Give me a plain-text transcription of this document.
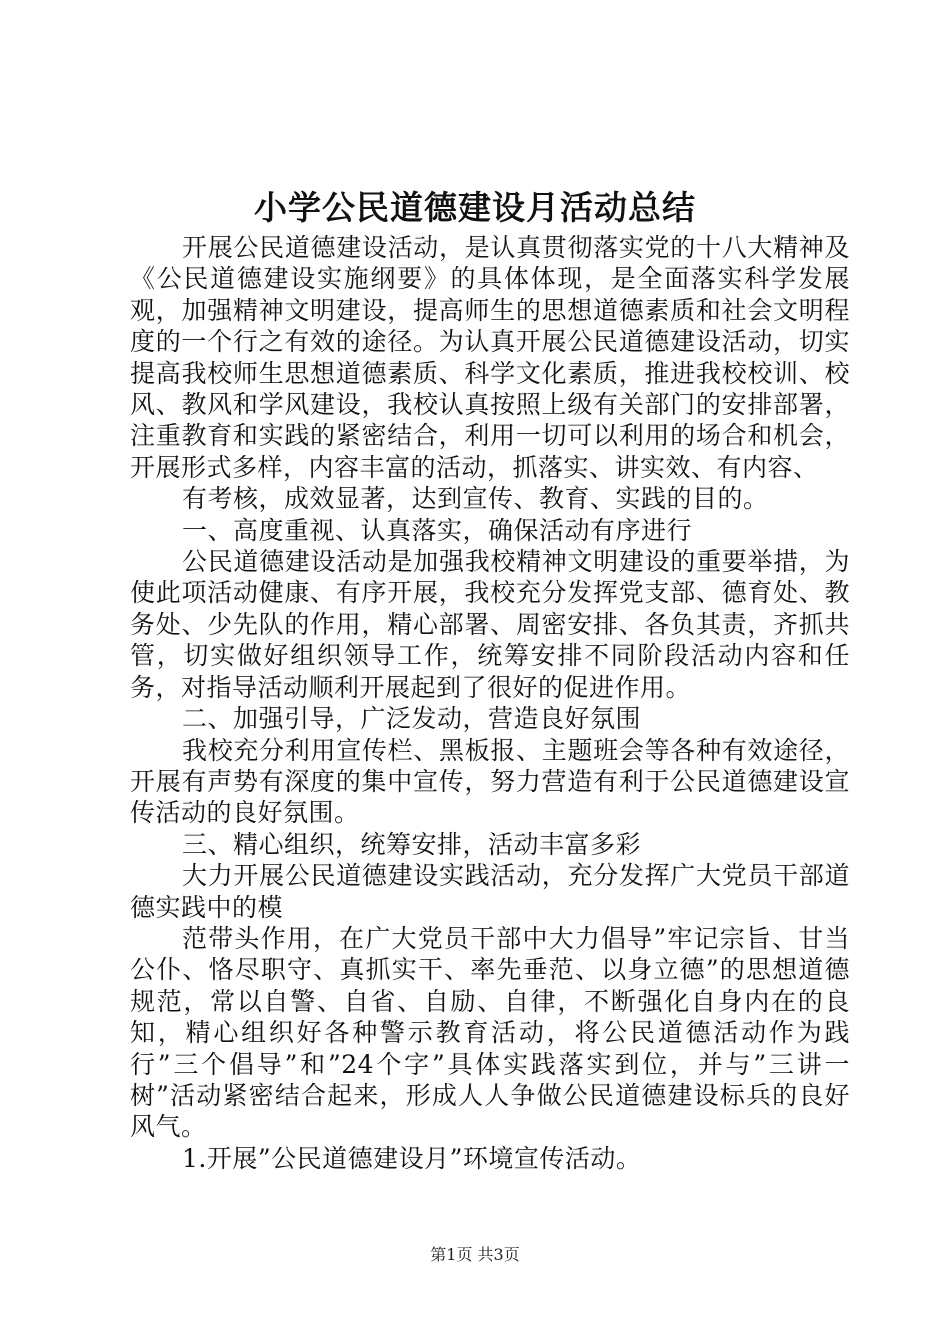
小学公民道德建设月活动总结

开展公民道德建设活动，是认真贯彻落实党的十八大精神及《公民道德建设实施纲要》的具体体现，是全面落实科学发展观，加强精神文明建设，提高师生的思想道德素质和社会文明程度的一个行之有效的途径。为认真开展公民道德建设活动，切实提高我校师生思想道德素质、科学文化素质，推进我校校训、校风、教风和学风建设，我校认真按照上级有关部门的安排部署，注重教育和实践的紧密结合，利用一切可以利用的场合和机会，开展形式多样，内容丰富的活动，抓落实、讲实效、有内容、

有考核，成效显著，达到宣传、教育、实践的目的。

一、高度重视、认真落实，确保活动有序进行

公民道德建设活动是加强我校精神文明建设的重要举措，为使此项活动健康、有序开展，我校充分发挥党支部、德育处、教务处、少先队的作用，精心部署、周密安排、各负其责，齐抓共管，切实做好组织领导工作，统筹安排不同阶段活动内容和任务，对指导活动顺利开展起到了很好的促进作用。

二、加强引导，广泛发动，营造良好氛围

我校充分利用宣传栏、黑板报、主题班会等各种有效途径，开展有声势有深度的集中宣传，努力营造有利于公民道德建设宣传活动的良好氛围。

三、精心组织，统筹安排，活动丰富多彩

大力开展公民道德建设实践活动，充分发挥广大党员干部道德实践中的模

范带头作用，在广大党员干部中大力倡导”牢记宗旨、甘当公仆、恪尽职守、真抓实干、率先垂范、以身立德”的思想道德规范，常以自警、自省、自励、自律，不断强化自身内在的良知，精心组织好各种警示教育活动，将公民道德活动作为践行”三个倡导”和”24个字”具体实践落实到位，并与”三讲一树”活动紧密结合起来，形成人人争做公民道德建设标兵的良好风气。

1.开展”公民道德建设月”环境宣传活动。

第1页 共3页
